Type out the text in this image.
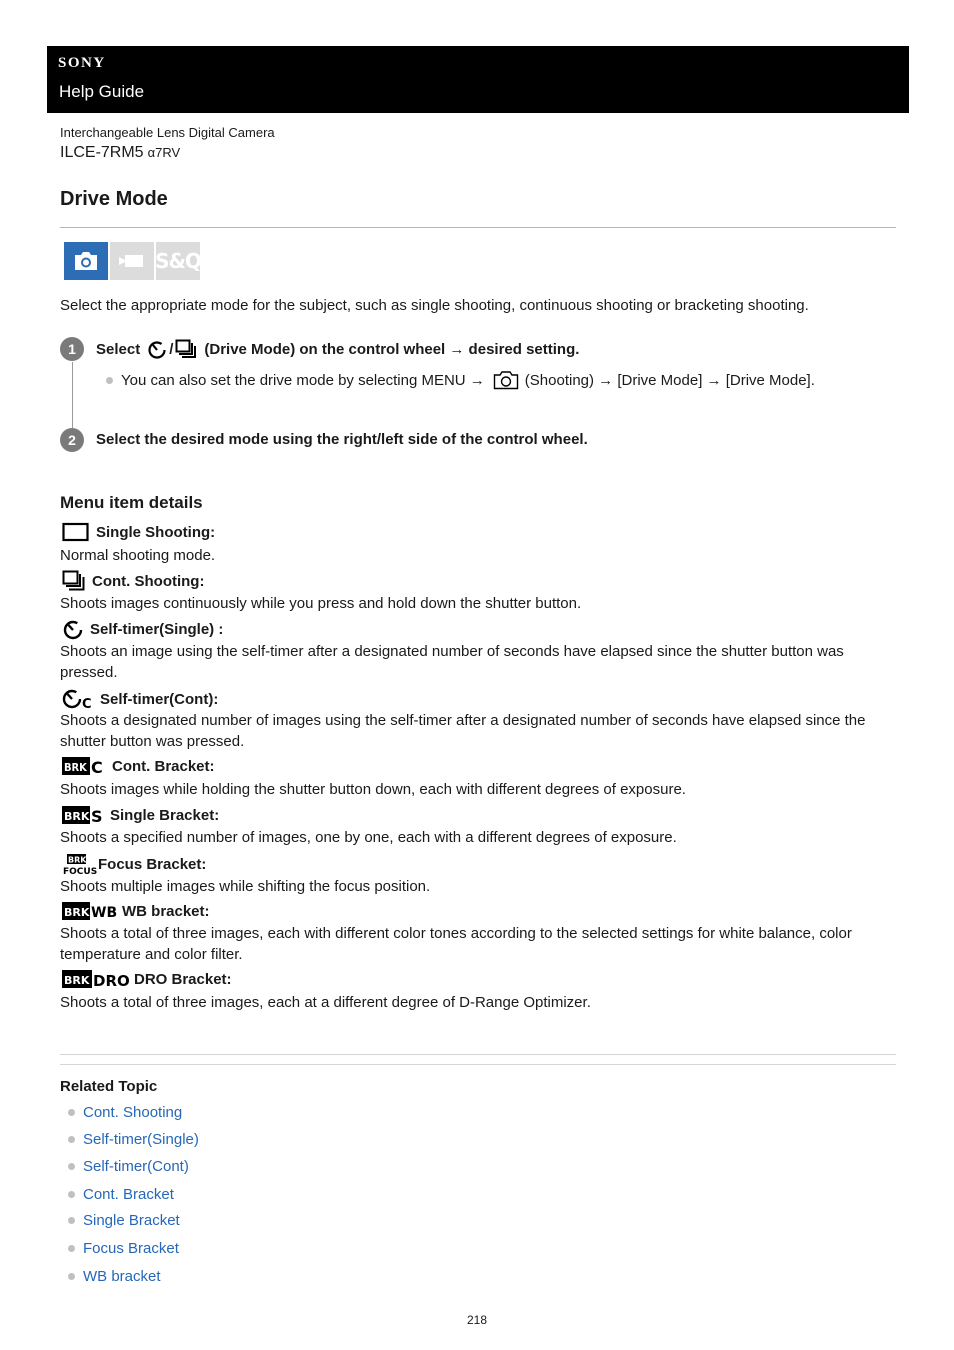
SONY
Help Guide
Interchangeable Lens Digital Camera
ILCE-7RM5 α7RV
Drive Mode
S&Q
Select the appropriate mode for the subject, such as single shooting, continuous shooting or bracketing shooting.
1	Select / (Drive Mode) on the control wheel → desired setting.
You can also set the drive mode by selecting MENU →	(Shooting) → [Drive Mode] → [Drive Mode].
2	Select the desired mode using the right/left side of the control wheel.
Menu item details
Single Shooting:
Normal shooting mode.
Cont. Shooting:
Shoots images continuously while you press and hold down the shutter button.
Self-timer(Single) :
Shoots an image using the self-timer after a designated number of seconds have elapsed since the shutter button was pressed.
C Self-timer(Cont):
Shoots a designated number of images using the self-timer after a designated number of seconds have elapsed since the shutter button was pressed.
BRK C Cont. Bracket:
Shoots images while holding the shutter button down, each with different degrees of exposure.
BRK S Single Bracket:
Shoots a specified number of images, one by one, each with a different degrees of exposure.
BRK
FOCUS Focus Bracket:
Shoots multiple images while shifting the focus position.
BRK WB WB bracket:
Shoots a total of three images, each with different color tones according to the selected settings for white balance, color temperature and color filter.
BRK DRO DRO Bracket:
Shoots a total of three images, each at a different degree of D-Range Optimizer.
Related Topic
Cont. Shooting
Self-timer(Single)
Self-timer(Cont)
Cont. Bracket
Single Bracket
Focus Bracket
WB bracket
218
